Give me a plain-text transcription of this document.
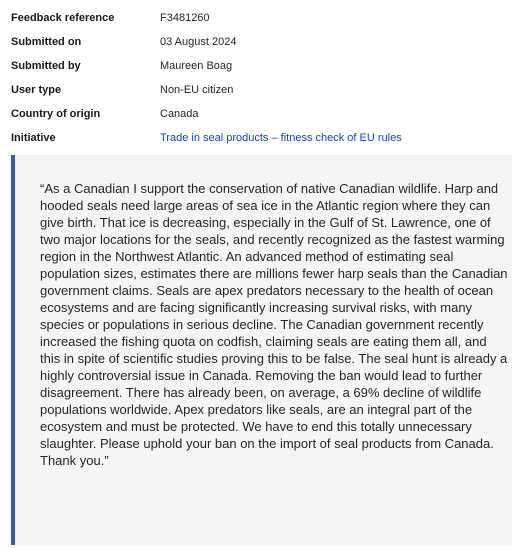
Feedback reference	F3481260
Submitted on	03 August 2024
Submitted by	Maureen Boag
User type	Non-EU citizen
Country of origin	Canada
Initiative	Trade in seal products – fitness check of EU rules

“As a Canadian I support the conservation of native Canadian wildlife. Harp and hooded seals need large areas of sea ice in the Atlantic region where they can give birth. That ice is decreasing, especially in the Gulf of St. Lawrence, one of two major locations for the seals, and recently recognized as the fastest warming region in the Northwest Atlantic. An advanced method of estimating seal population sizes, estimates there are millions fewer harp seals than the Canadian government claims. Seals are apex predators necessary to the health of ocean ecosystems and are facing significantly increasing survival risks, with many species or populations in serious decline. The Canadian government recently increased the fishing quota on codfish, claiming seals are eating them all, and this in spite of scientific studies proving this to be false. The seal hunt is already a highly controversial issue in Canada. Removing the ban would lead to further disagreement. There has already been, on average, a 69% decline of wildlife populations worldwide. Apex predators like seals, are an integral part of the ecosystem and must be protected. We have to end this totally unnecessary slaughter. Please uphold your ban on the import of seal products from Canada. Thank you.”
